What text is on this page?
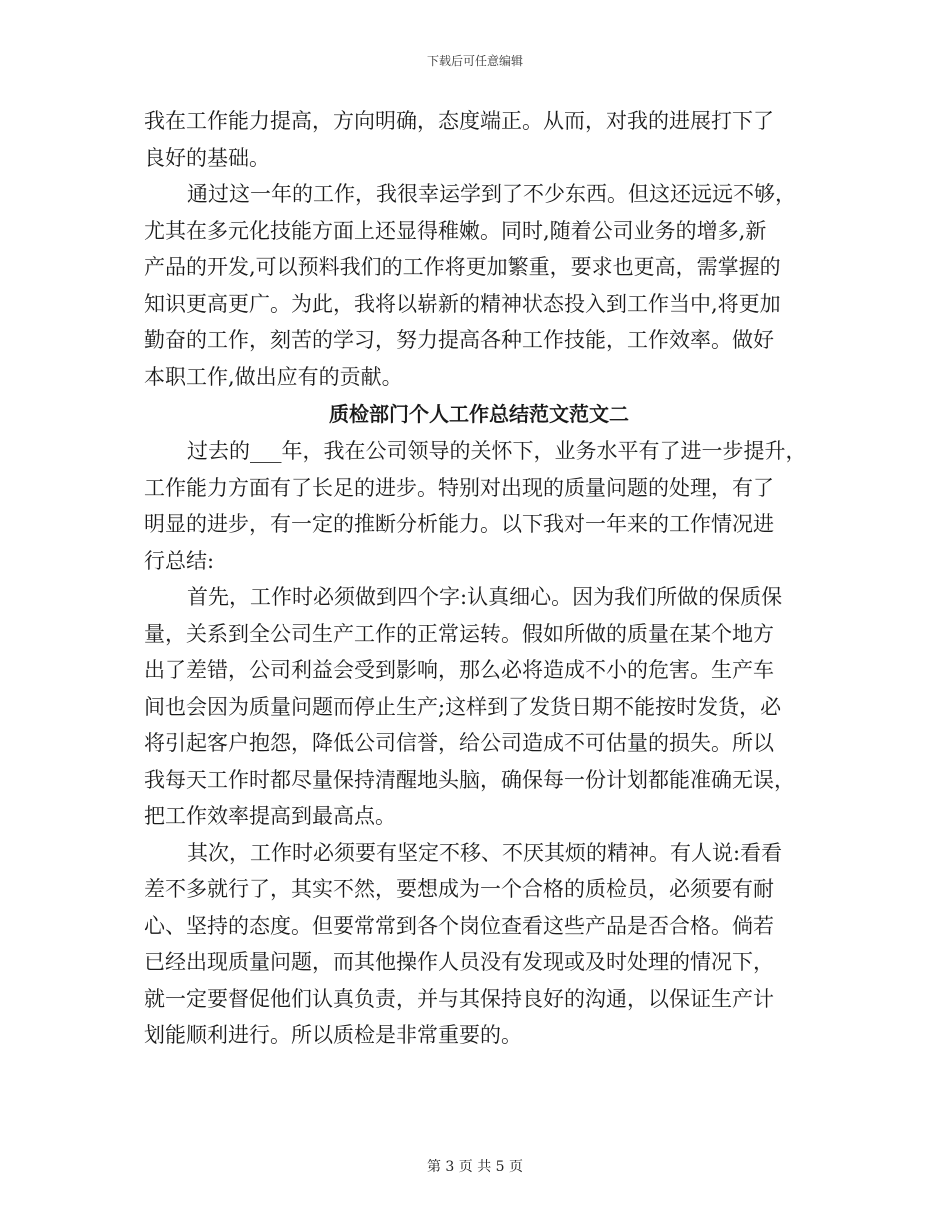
下载后可任意编辑
我在工作能力提高，方向明确，态度端正。从而，对我的进展打下了
良好的基础。
通过这一年的工作，我很幸运学到了不少东西。但这还远远不够，
尤其在多元化技能方面上还显得稚嫩。同时,随着公司业务的增多,新
产品的开发,可以预料我们的工作将更加繁重，要求也更高，需掌握的
知识更高更广。为此，我将以崭新的精神状态投入到工作当中,将更加
勤奋的工作，刻苦的学习，努力提高各种工作技能，工作效率。做好
本职工作,做出应有的贡献。
质检部门个人工作总结范文范文二
过去的___年，我在公司领导的关怀下，业务水平有了进一步提升，
工作能力方面有了长足的进步。特别对出现的质量问题的处理，有了
明显的进步，有一定的推断分析能力。以下我对一年来的工作情况进
行总结:
首先，工作时必须做到四个字:认真细心。因为我们所做的保质保
量，关系到全公司生产工作的正常运转。假如所做的质量在某个地方
出了差错，公司利益会受到影响，那么必将造成不小的危害。生产车
间也会因为质量问题而停止生产;这样到了发货日期不能按时发货，必
将引起客户抱怨，降低公司信誉，给公司造成不可估量的损失。所以
我每天工作时都尽量保持清醒地头脑，确保每一份计划都能准确无误，
把工作效率提高到最高点。
其次，工作时必须要有坚定不移、不厌其烦的精神。有人说:看看
差不多就行了，其实不然，要想成为一个合格的质检员，必须要有耐
心、坚持的态度。但要常常到各个岗位查看这些产品是否合格。倘若
已经出现质量问题，而其他操作人员没有发现或及时处理的情况下，
就一定要督促他们认真负责，并与其保持良好的沟通，以保证生产计
划能顺利进行。所以质检是非常重要的。
第 3 页 共 5 页
